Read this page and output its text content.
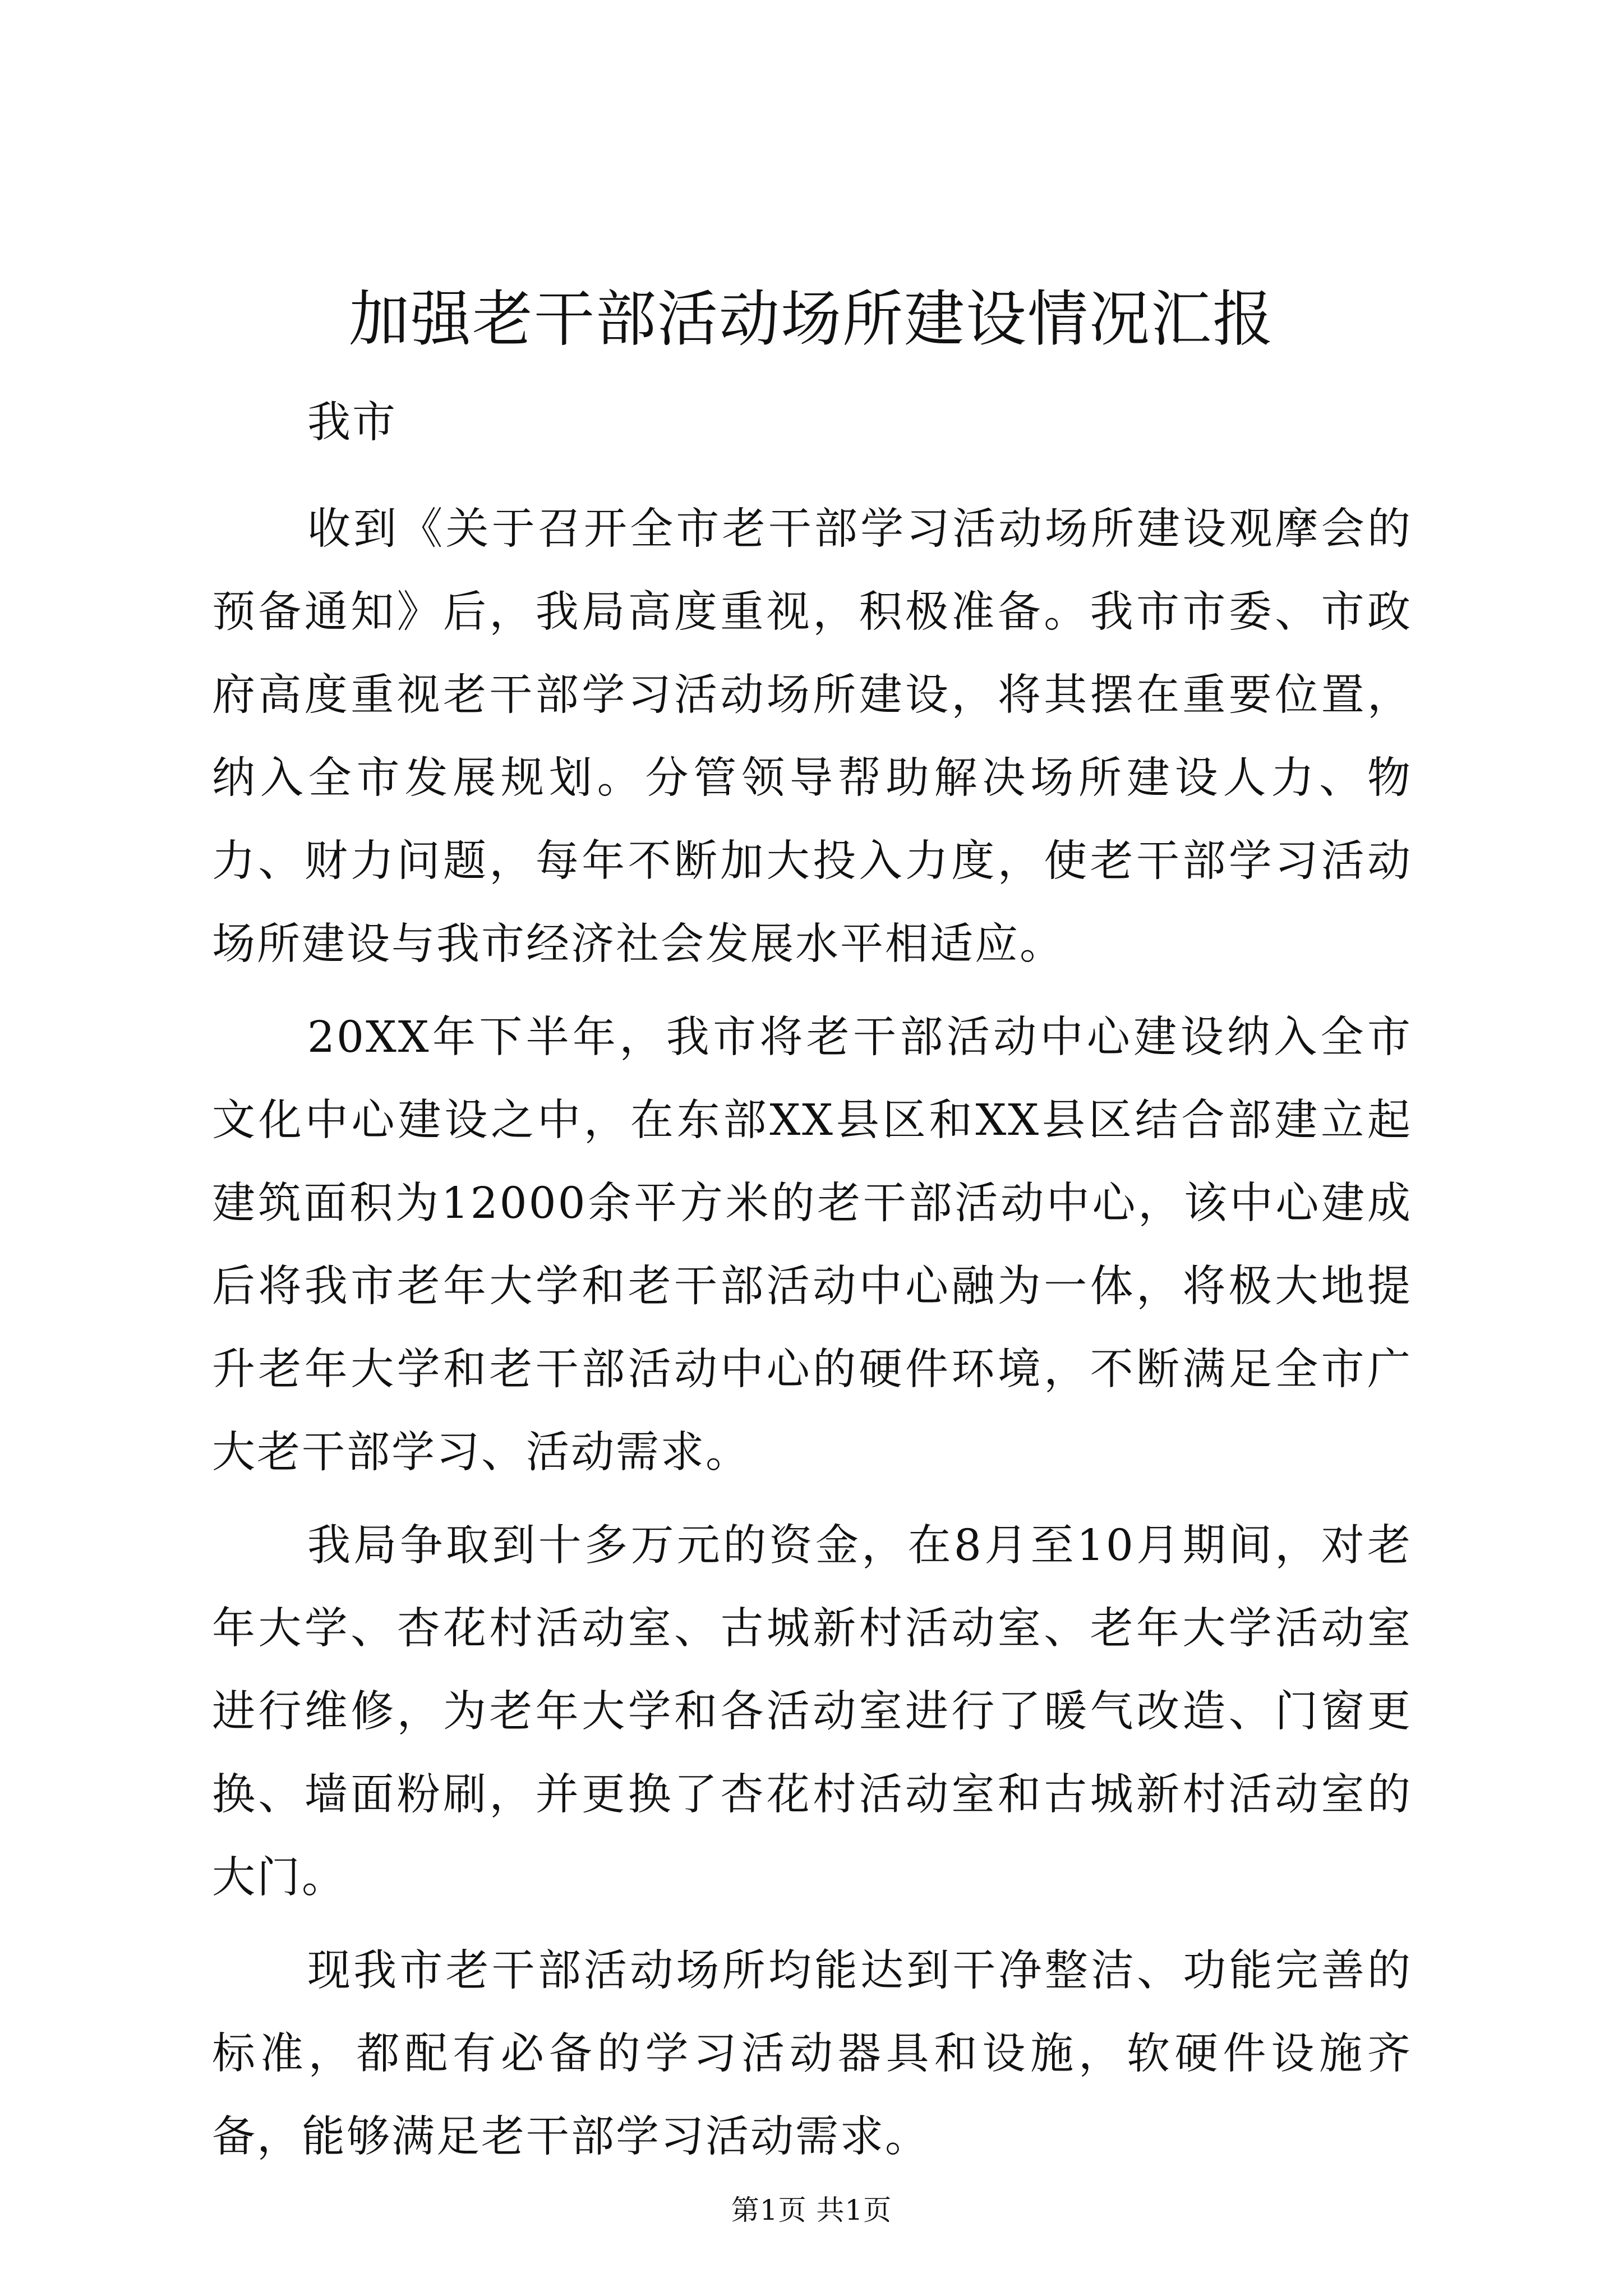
加强老干部活动场所建设情况汇报

我市

收到《关于召开全市老干部学习活动场所建设观摩会的预备通知》后，我局高度重视，积极准备。我市市委、市政府高度重视老干部学习活动场所建设，将其摆在重要位置，纳入全市发展规划。分管领导帮助解决场所建设人力、物力、财力问题，每年不断加大投入力度，使老干部学习活动场所建设与我市经济社会发展水平相适应。

20XX年下半年，我市将老干部活动中心建设纳入全市文化中心建设之中，在东部XX县区和XX县区结合部建立起建筑面积为12000余平方米的老干部活动中心，该中心建成后将我市老年大学和老干部活动中心融为一体，将极大地提升老年大学和老干部活动中心的硬件环境，不断满足全市广大老干部学习、活动需求。

我局争取到十多万元的资金，在8月至10月期间，对老年大学、杏花村活动室、古城新村活动室、老年大学活动室进行维修，为老年大学和各活动室进行了暖气改造、门窗更换、墙面粉刷，并更换了杏花村活动室和古城新村活动室的大门。

现我市老干部活动场所均能达到干净整洁、功能完善的标准，都配有必备的学习活动器具和设施，软硬件设施齐备，能够满足老干部学习活动需求。

第1页 共1页
